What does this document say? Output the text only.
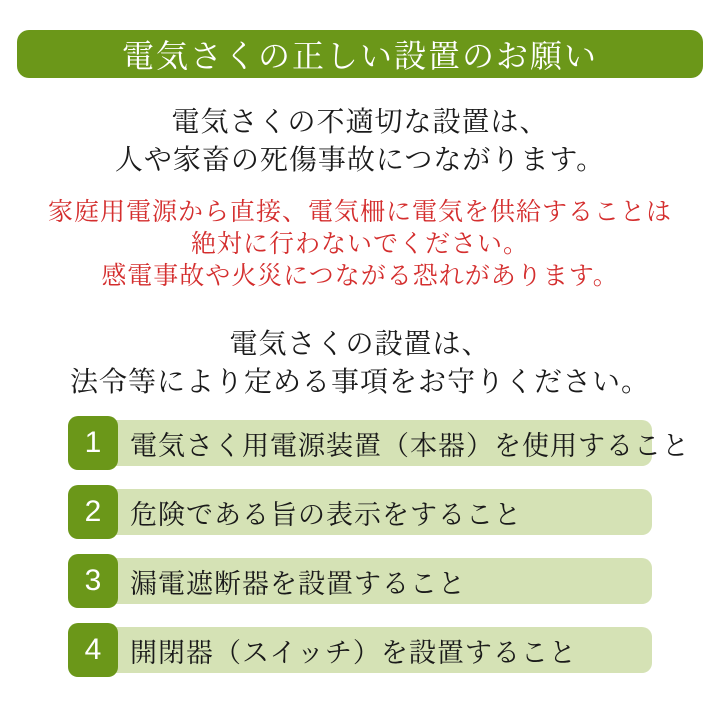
電気さくの正しい設置のお願い
電気さくの不適切な設置は、
人や家畜の死傷事故につながります。
家庭用電源から直接、電気柵に電気を供給することは
絶対に行わないでください。
感電事故や火災につながる恐れがあります。
電気さくの設置は、
法令等により定める事項をお守りください。
1	電気さく用電源装置（本器）を使用すること
2	危険である旨の表示をすること
3	漏電遮断器を設置すること
4	開閉器（スイッチ）を設置すること
